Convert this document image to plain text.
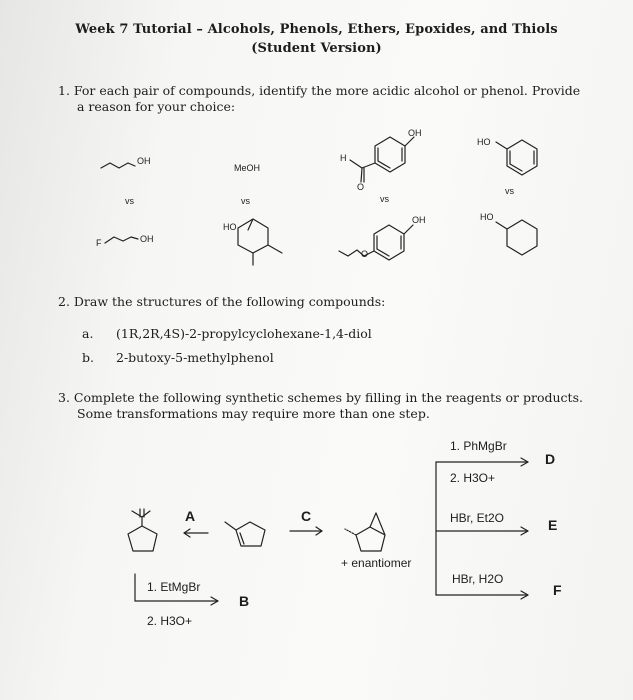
Week 7 Tutorial – Alcohols, Phenols, Ethers, Epoxides, and Thiols
(Student Version)
1. For each pair of compounds, identify the more acidic alcohol or phenol. Provide
a reason for your choice:
OH
vs
F	OH
MeOH
vs
HO
OH
H
O
vs
OH
O
HO
vs
HO
2. Draw the structures of the following compounds:
a. (1R,2R,4S)-2-propylcyclohexane-1,4-diol
b. 2-butoxy-5-methylphenol
3. Complete the following synthetic schemes by filling in the reagents or products.
Some transformations may require more than one step.
1. PhMgBr
2. H3O+
D
HBr, Et2O	E
HBr, H2O
F
A	C
+ enantiomer
1. EtMgBr
2. H3O+
B
